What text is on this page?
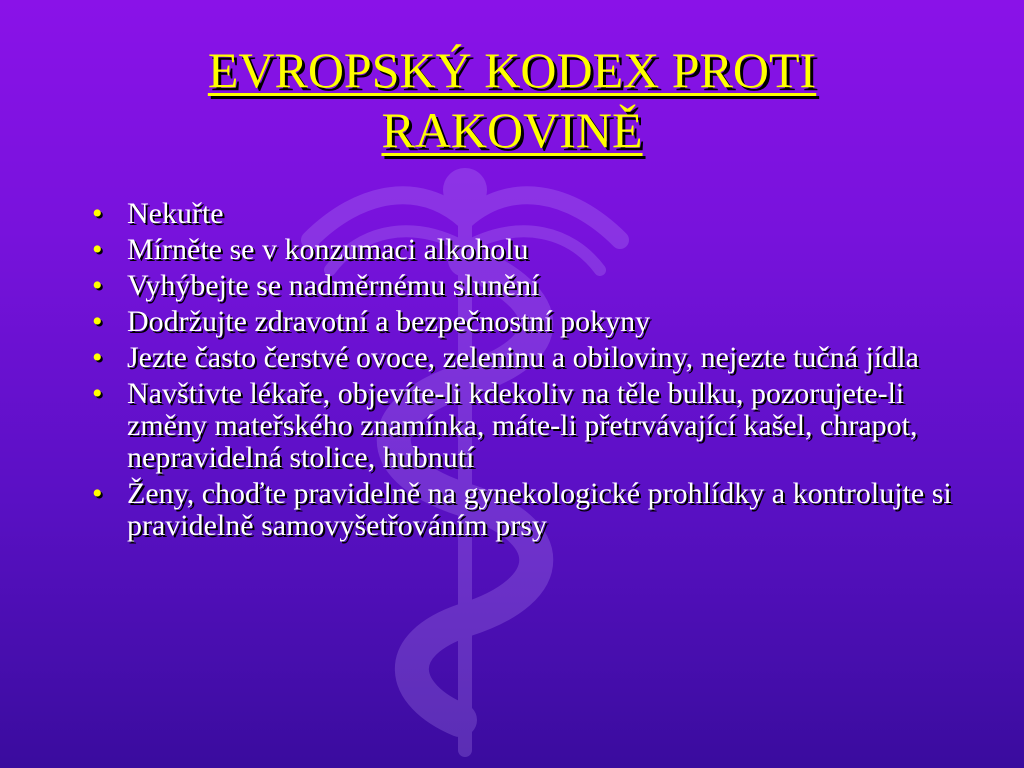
EVROPSKÝ KODEX PROTI
RAKOVINĚ
• Nekuřte
• Mírněte se v konzumaci alkoholu
• Vyhýbejte se nadměrnému slunění
• Dodržujte zdravotní a bezpečnostní pokyny
• Jezte často čerstvé ovoce, zeleninu a obiloviny, nejezte tučná jídla
• Navštivte lékaře, objevíte-li kdekoliv na těle bulku, pozorujete-li změny mateřského znamínka, máte-li přetrvávající kašel, chrapot, nepravidelná stolice, hubnutí
• Ženy, choďte pravidelně na gynekologické prohlídky a kontrolujte si pravidelně samovyšetřováním prsy
